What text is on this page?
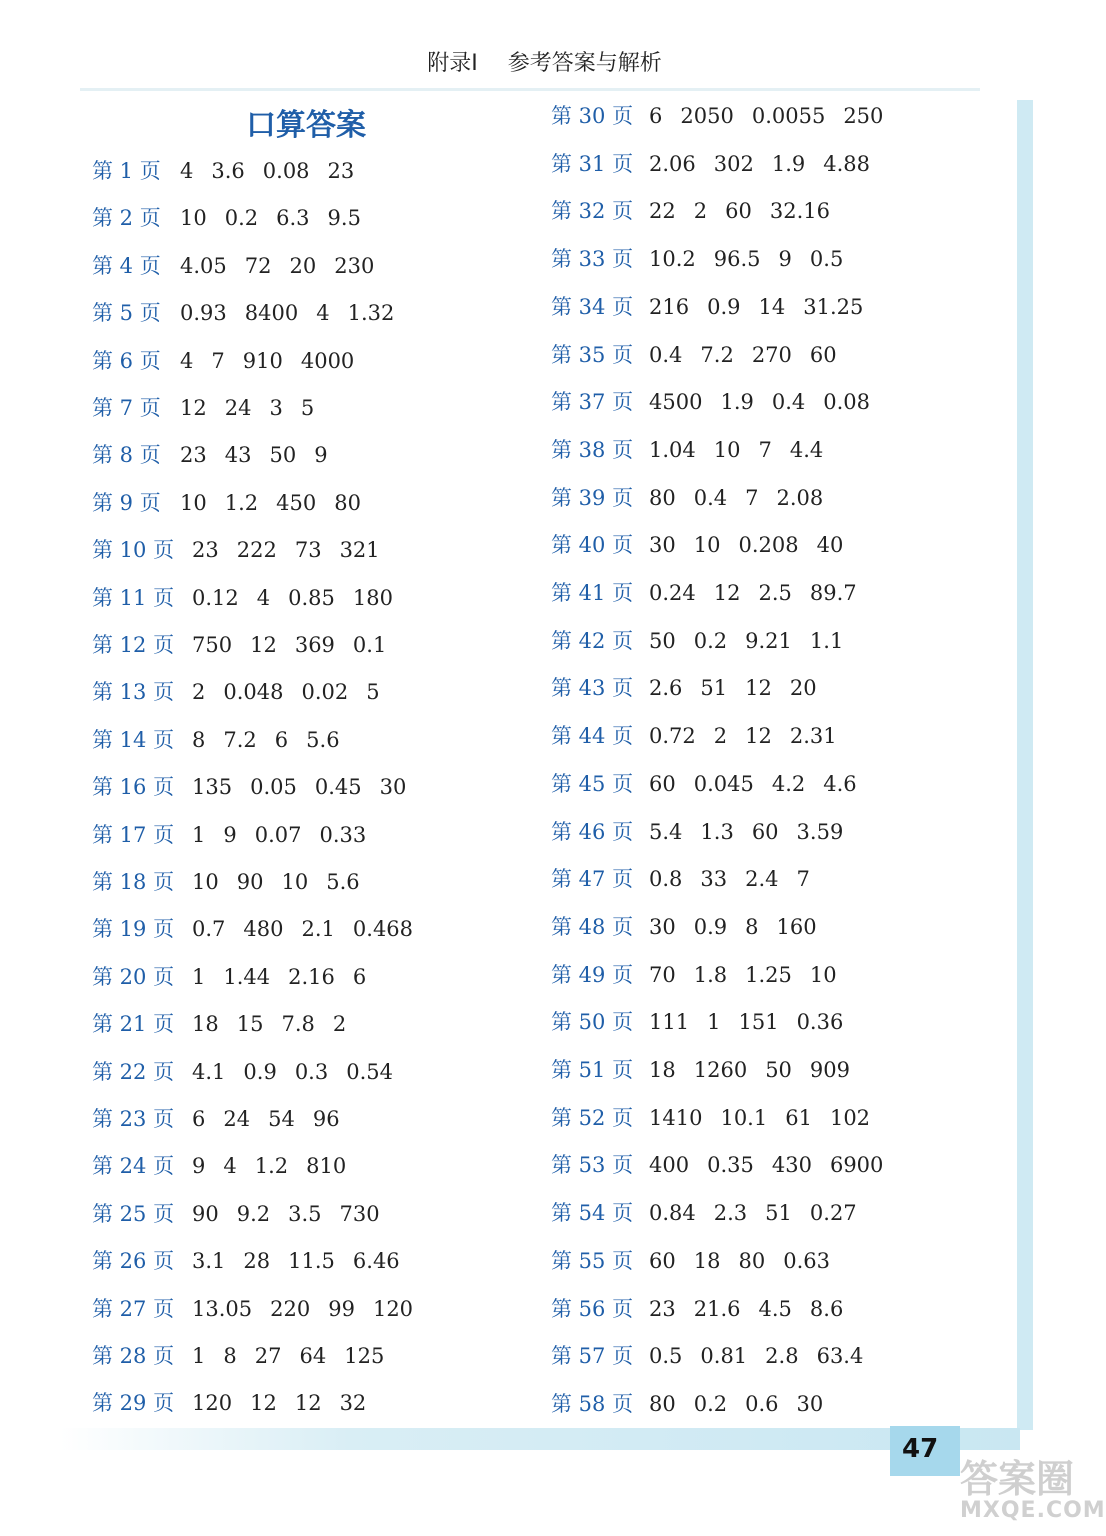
附录Ⅰ 参考答案与解析
47
答案圈
MXQE.COM
口算答案
第 1 页 4 3.6 0.08 23
第 2 页 10 0.2 6.3 9.5
第 4 页 4.05 72 20 230
第 5 页 0.93 8400 4 1.32
第 6 页 4 7 910 4000
第 7 页 12 24 3 5
第 8 页 23 43 50 9
第 9 页 10 1.2 450 80
第 10 页 23 222 73 321
第 11 页 0.12 4 0.85 180
第 12 页 750 12 369 0.1
第 13 页 2 0.048 0.02 5
第 14 页 8 7.2 6 5.6
第 16 页 135 0.05 0.45 30
第 17 页 1 9 0.07 0.33
第 18 页 10 90 10 5.6
第 19 页 0.7 480 2.1 0.468
第 20 页 1 1.44 2.16 6
第 21 页 18 15 7.8 2
第 22 页 4.1 0.9 0.3 0.54
第 23 页 6 24 54 96
第 24 页 9 4 1.2 810
第 25 页 90 9.2 3.5 730
第 26 页 3.1 28 11.5 6.46
第 27 页 13.05 220 99 120
第 28 页 1 8 27 64 125
第 29 页 120 12 12 32
第 30 页 6 2050 0.0055 250
第 31 页 2.06 302 1.9 4.88
第 32 页 22 2 60 32.16
第 33 页 10.2 96.5 9 0.5
第 34 页 216 0.9 14 31.25
第 35 页 0.4 7.2 270 60
第 37 页 4500 1.9 0.4 0.08
第 38 页 1.04 10 7 4.4
第 39 页 80 0.4 7 2.08
第 40 页 30 10 0.208 40
第 41 页 0.24 12 2.5 89.7
第 42 页 50 0.2 9.21 1.1
第 43 页 2.6 51 12 20
第 44 页 0.72 2 12 2.31
第 45 页 60 0.045 4.2 4.6
第 46 页 5.4 1.3 60 3.59
第 47 页 0.8 33 2.4 7
第 48 页 30 0.9 8 160
第 49 页 70 1.8 1.25 10
第 50 页 111 1 151 0.36
第 51 页 18 1260 50 909
第 52 页 1410 10.1 61 102
第 53 页 400 0.35 430 6900
第 54 页 0.84 2.3 51 0.27
第 55 页 60 18 80 0.63
第 56 页 23 21.6 4.5 8.6
第 57 页 0.5 0.81 2.8 63.4
第 58 页 80 0.2 0.6 30
